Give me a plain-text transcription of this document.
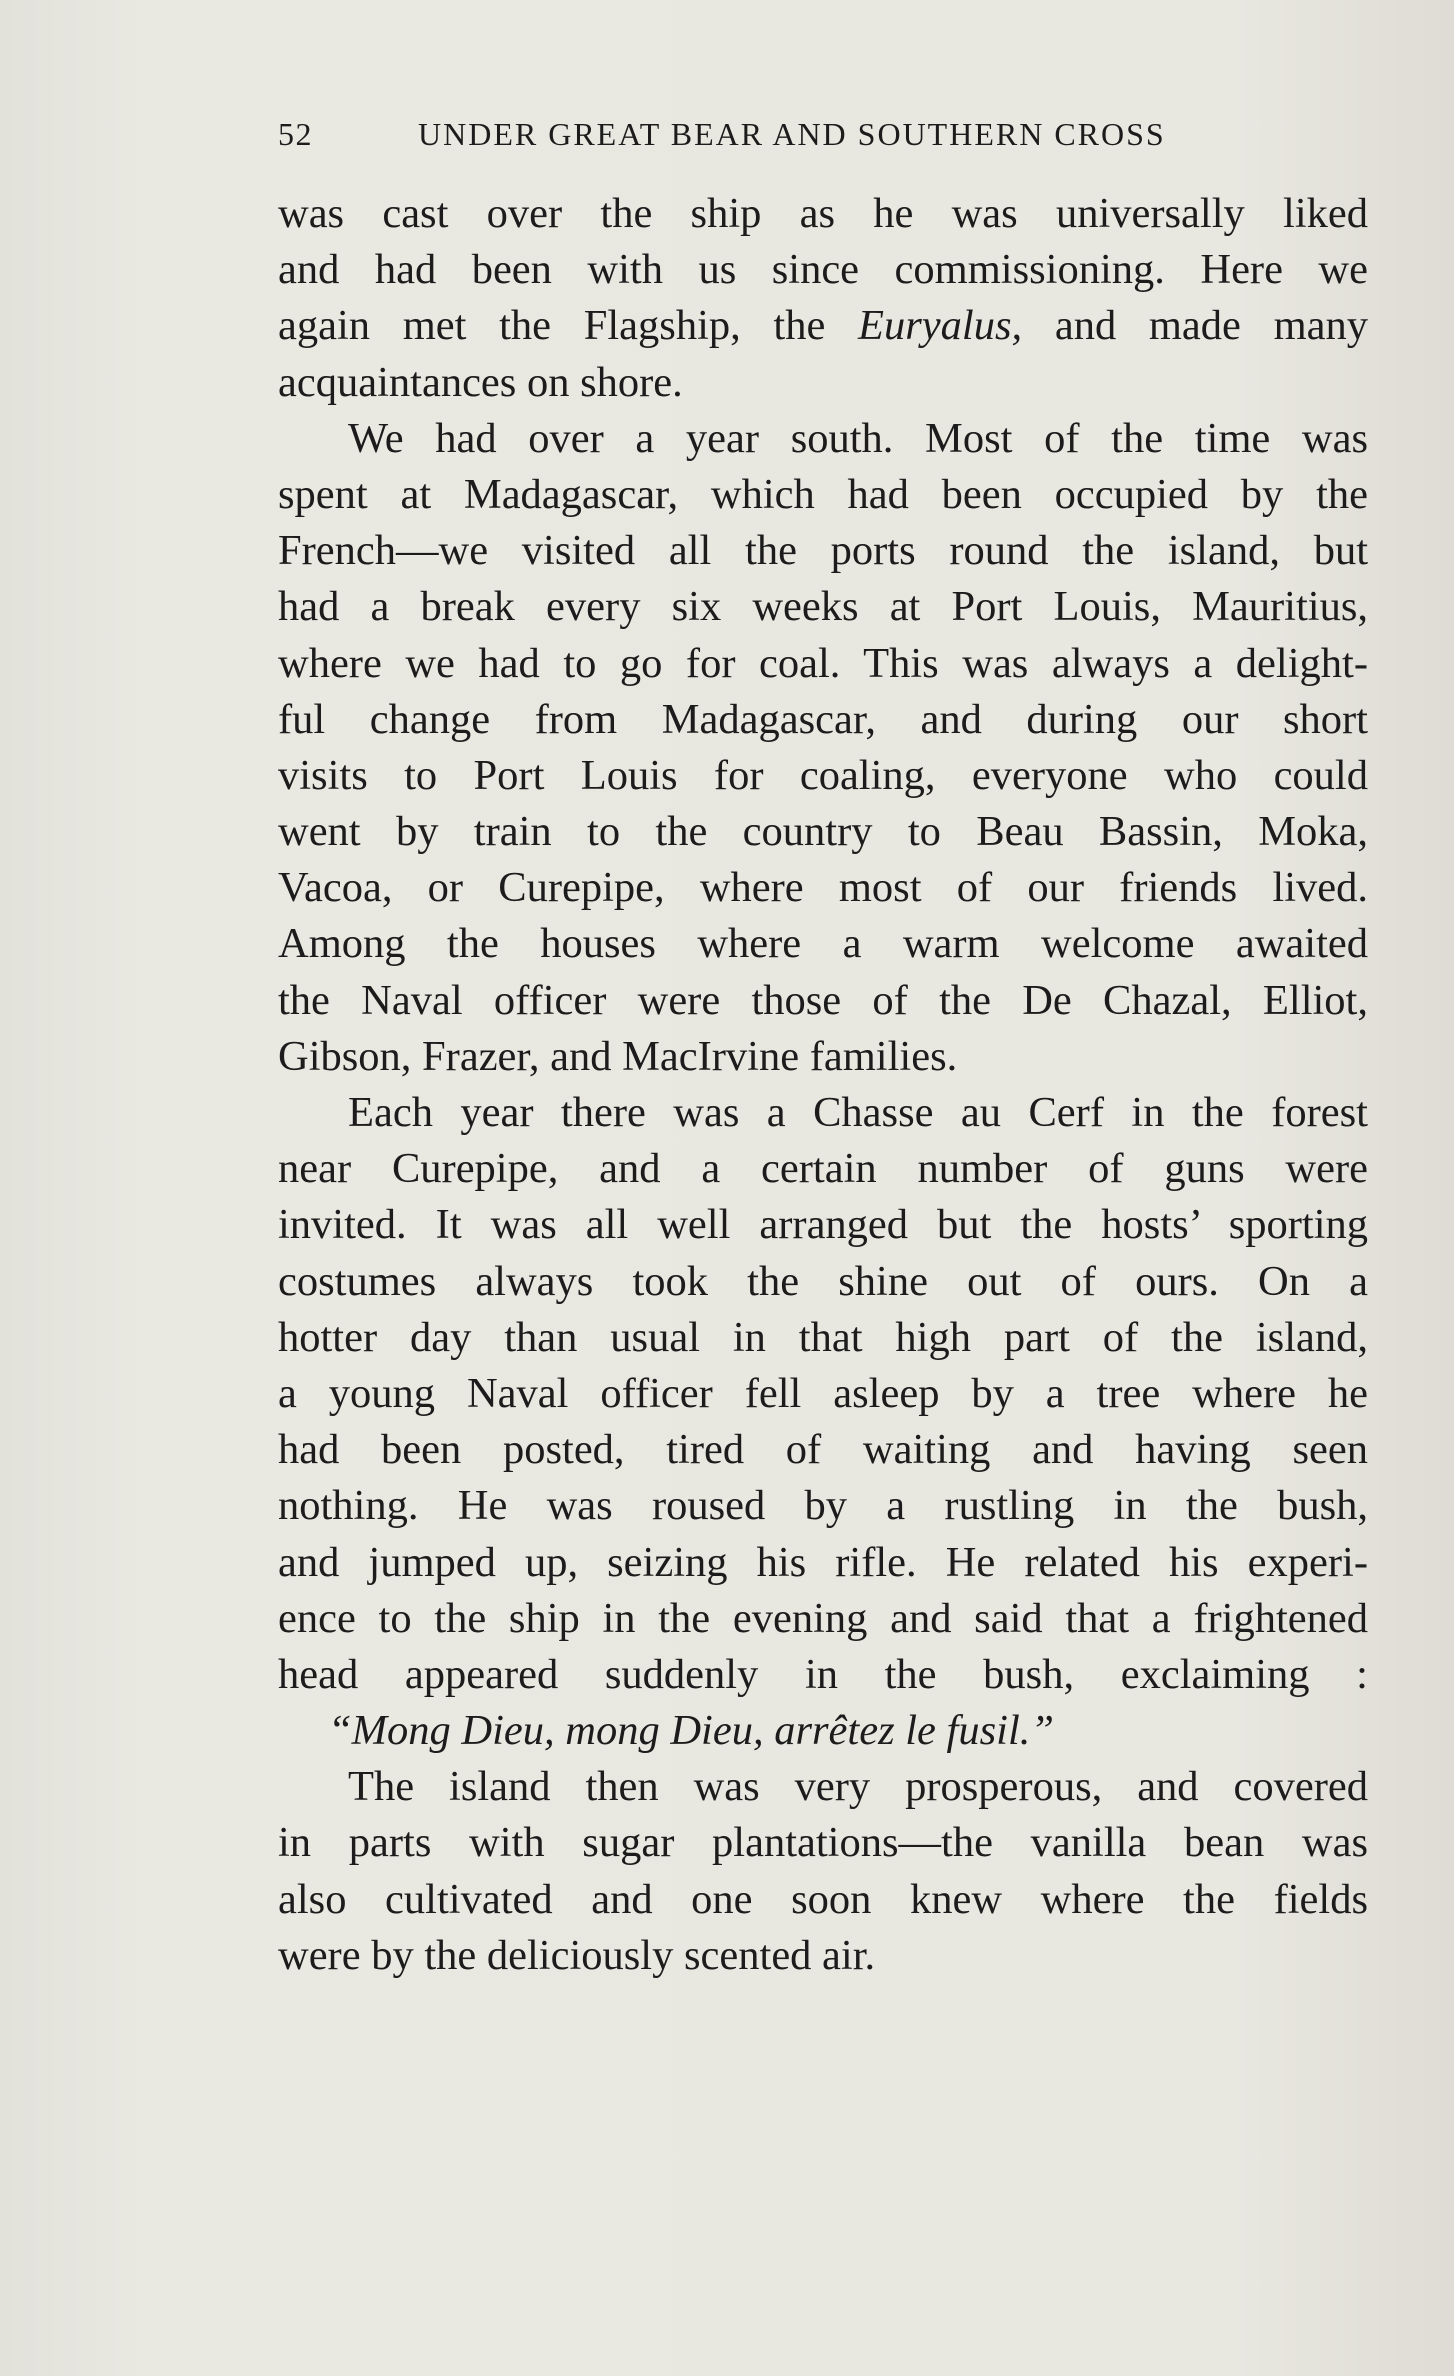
52	UNDER GREAT BEAR AND SOUTHERN CROSS
was cast over the ship as he was universally liked
and had been with us since commissioning. Here we
again met the Flagship, the Euryalus, and made many
acquaintances on shore.
We had over a year south. Most of the time was
spent at Madagascar, which had been occupied by the
French—we visited all the ports round the island, but
had a break every six weeks at Port Louis, Mauritius,
where we had to go for coal. This was always a delight-
ful change from Madagascar, and during our short
visits to Port Louis for coaling, everyone who could
went by train to the country to Beau Bassin, Moka,
Vacoa, or Curepipe, where most of our friends lived.
Among the houses where a warm welcome awaited
the Naval officer were those of the De Chazal, Elliot,
Gibson, Frazer, and MacIrvine families.
Each year there was a Chasse au Cerf in the forest
near Curepipe, and a certain number of guns were
invited. It was all well arranged but the hosts’ sporting
costumes always took the shine out of ours. On a
hotter day than usual in that high part of the island,
a young Naval officer fell asleep by a tree where he
had been posted, tired of waiting and having seen
nothing. He was roused by a rustling in the bush,
and jumped up, seizing his rifle. He related his experi-
ence to the ship in the evening and said that a frightened
head appeared suddenly in the bush, exclaiming :
“Mong Dieu, mong Dieu, arrêtez le fusil.”
The island then was very prosperous, and covered
in parts with sugar plantations—the vanilla bean was
also cultivated and one soon knew where the fields
were by the deliciously scented air.
